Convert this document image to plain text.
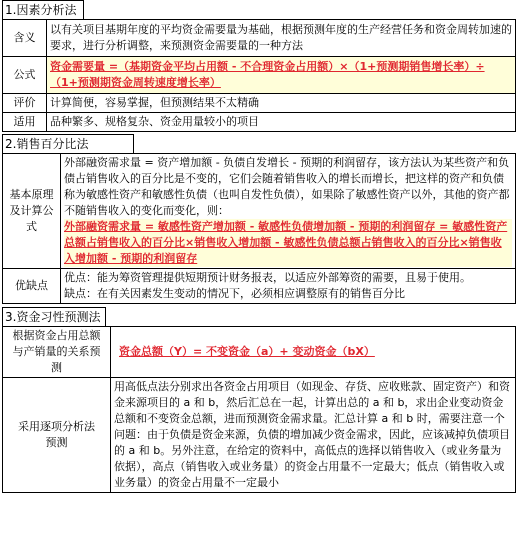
1.因素分析法
含义	以有关项目基期年度的平均资金需要量为基础，根据预测年度的生产经营任务和资金周转加速的要求，进行分析调整，来预测资金需要量的一种方法
公式	资金需要量 =（基期资金平均占用额 - 不合理资金占用额）×（1+预测期销售增长率）÷（1+预测期资金周转速度增长率）
评价	计算简便，容易掌握，但预测结果不太精确
适用	品种繁多、规格复杂、资金用量较小的项目
2.销售百分比法
基本原理及计算公式	外部融资需求量 = 资产增加额 - 负债自发增长 - 预期的利润留存，该方法认为某些资产和负债占销售收入的百分比是不变的，它们会随着销售收入的增长而增长，把这样的资产和负债称为敏感性资产和敏感性负债（也叫自发性负债），如果除了敏感性资产以外，其他的资产都不随销售收入的变化而变化，则：
外部融资需求量 = 敏感性资产增加额 - 敏感性负债增加额 - 预期的利润留存 = 敏感性资产总额占销售收入的百分比×销售收入增加额 - 敏感性负债总额占销售收入的百分比×销售收入增加额 - 预期的利润留存

优缺点	优点：能为筹资管理提供短期预计财务报表，以适应外部筹资的需要，且易于使用。
缺点：在有关因素发生变动的情况下，必须相应调整原有的销售百分比
3.资金习性预测法
根据资金占用总额与产销量的关系预测	资金总额（Y）= 不变资金（a）+ 变动资金（bX）
采用逐项分析法预测	用高低点法分别求出各资金占用项目（如现金、存货、应收账款、固定资产）和资金来源项目的 a 和 b，然后汇总在一起，计算出总的 a 和 b，求出企业变动资金总额和不变资金总额，进而预测资金需求量。汇总计算 a 和 b 时，需要注意一个问题：由于负债是资金来源，负债的增加减少资金需求，因此，应该减掉负债项目的 a 和 b。另外注意，在给定的资料中，高低点的选择以销售收入（或业务量为依据），高点（销售收入或业务量）的资金占用量不一定最大；低点（销售收入或业务量）的资金占用量不一定最小
